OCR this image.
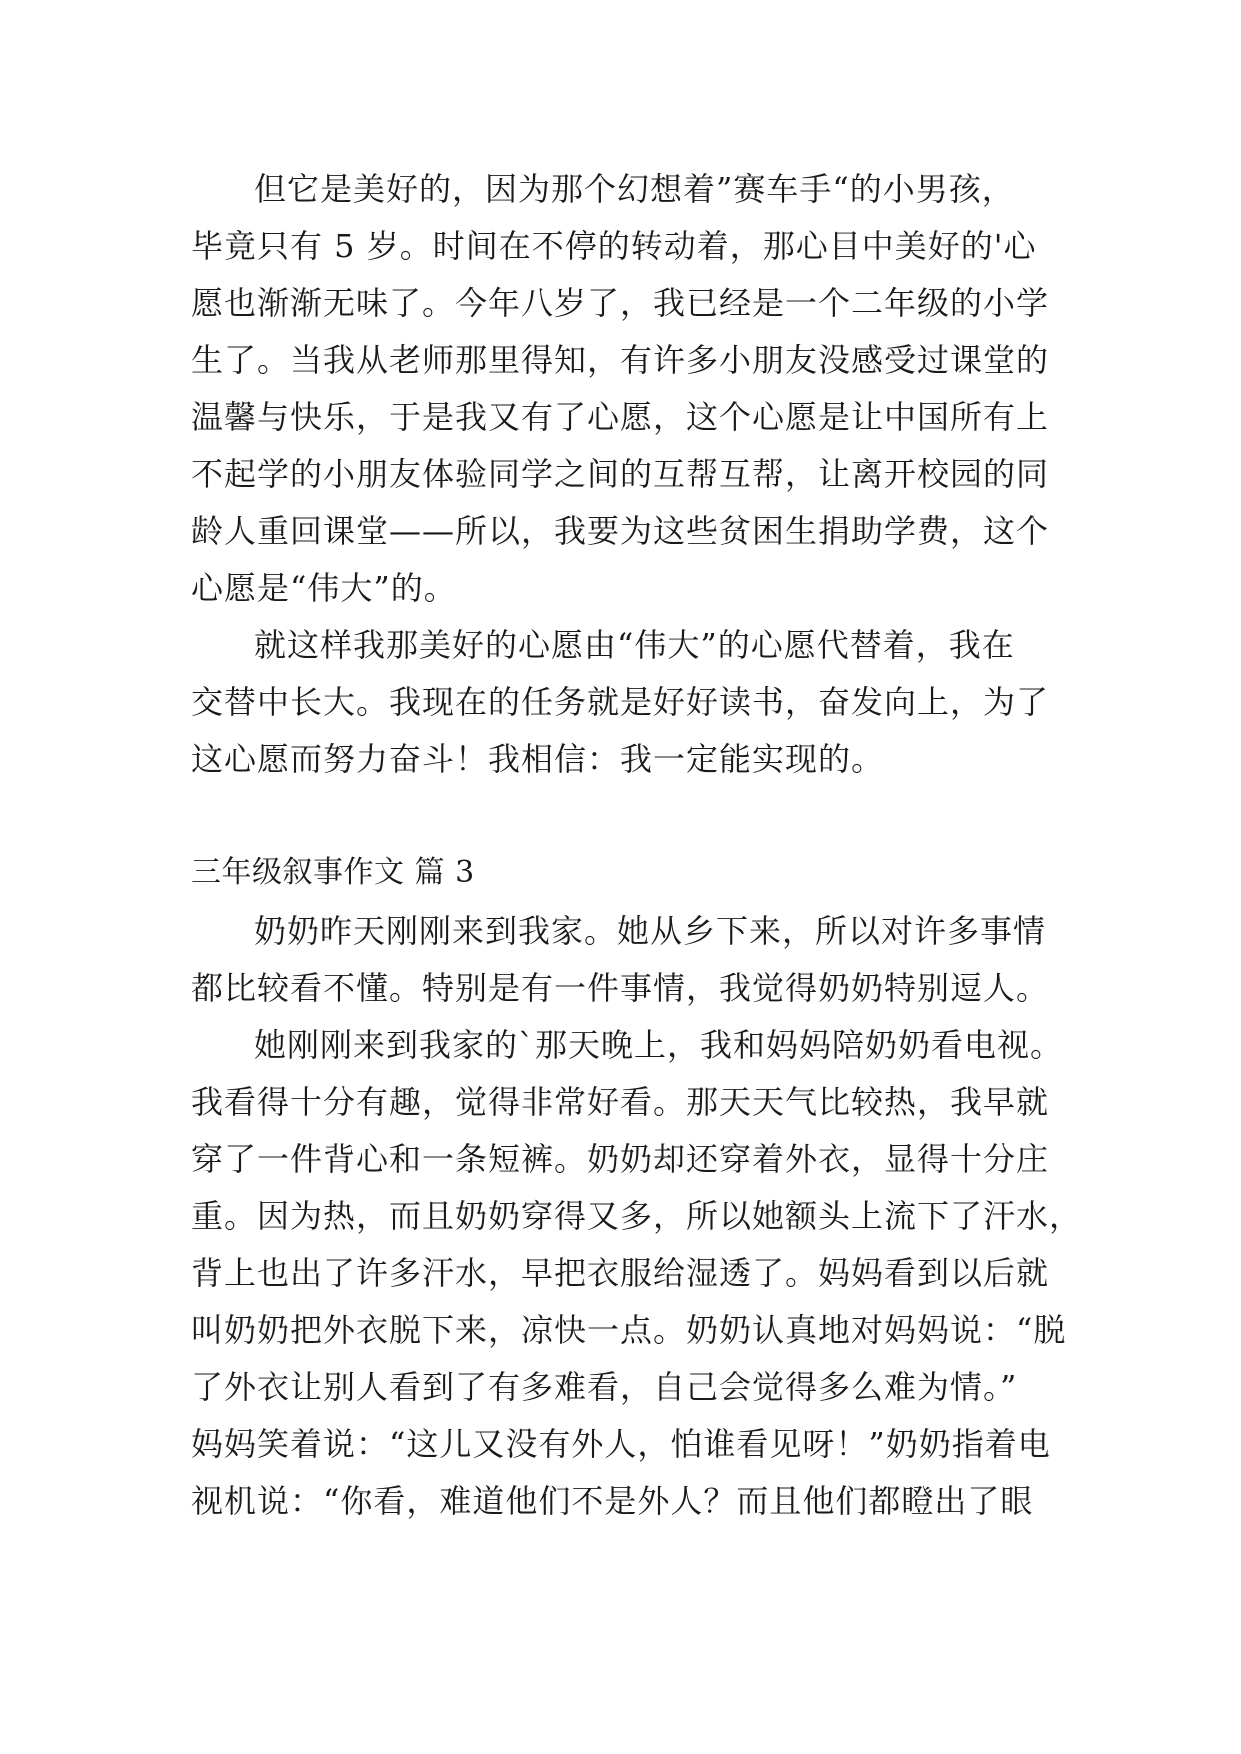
但它是美好的，因为那个幻想着”赛车手“的小男孩，
毕竟只有 5 岁。时间在不停的转动着，那心目中美好的'心
愿也渐渐无味了。今年八岁了，我已经是一个二年级的小学
生了。当我从老师那里得知，有许多小朋友没感受过课堂的
温馨与快乐，于是我又有了心愿，这个心愿是让中国所有上
不起学的小朋友体验同学之间的互帮互帮，让离开校园的同
龄人重回课堂——所以，我要为这些贫困生捐助学费，这个
心愿是“伟大”的。
就这样我那美好的心愿由“伟大”的心愿代替着，我在
交替中长大。我现在的任务就是好好读书，奋发向上，为了
这心愿而努力奋斗！我相信：我一定能实现的。
三年级叙事作文 篇 3
奶奶昨天刚刚来到我家。她从乡下来，所以对许多事情
都比较看不懂。特别是有一件事情，我觉得奶奶特别逗人。
她刚刚来到我家的`那天晚上，我和妈妈陪奶奶看电视。
我看得十分有趣，觉得非常好看。那天天气比较热，我早就
穿了一件背心和一条短裤。奶奶却还穿着外衣，显得十分庄
重。因为热，而且奶奶穿得又多，所以她额头上流下了汗水，
背上也出了许多汗水，早把衣服给湿透了。妈妈看到以后就
叫奶奶把外衣脱下来，凉快一点。奶奶认真地对妈妈说：“脱
了外衣让别人看到了有多难看，自己会觉得多么难为情。”
妈妈笑着说：“这儿又没有外人，怕谁看见呀！”奶奶指着电
视机说：“你看，难道他们不是外人？而且他们都瞪出了眼
